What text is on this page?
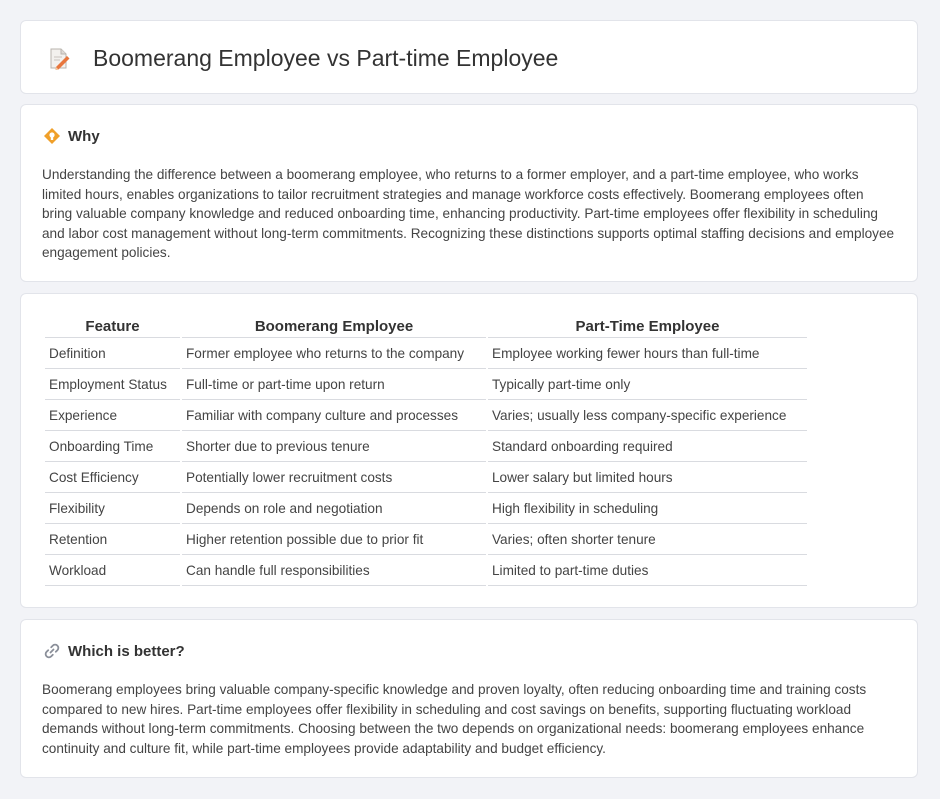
Boomerang Employee vs Part-time Employee
Why

Understanding the difference between a boomerang employee, who returns to a former employer, and a part-time employee, who works limited hours, enables organizations to tailor recruitment strategies and manage workforce costs effectively. Boomerang employees often bring valuable company knowledge and reduced onboarding time, enhancing productivity. Part-time employees offer flexibility in scheduling and labor cost management without long-term commitments. Recognizing these distinctions supports optimal staffing decisions and employee engagement policies.

Feature	Boomerang Employee	Part-Time Employee
Definition	Former employee who returns to the company	Employee working fewer hours than full-time
Employment Status	Full-time or part-time upon return	Typically part-time only
Experience	Familiar with company culture and processes	Varies; usually less company-specific experience
Onboarding Time	Shorter due to previous tenure	Standard onboarding required
Cost Efficiency	Potentially lower recruitment costs	Lower salary but limited hours
Flexibility	Depends on role and negotiation	High flexibility in scheduling
Retention	Higher retention possible due to prior fit	Varies; often shorter tenure
Workload	Can handle full responsibilities	Limited to part-time duties
Which is better?

Boomerang employees bring valuable company-specific knowledge and proven loyalty, often reducing onboarding time and training costs compared to new hires. Part-time employees offer flexibility in scheduling and cost savings on benefits, supporting fluctuating workload demands without long-term commitments. Choosing between the two depends on organizational needs: boomerang employees enhance continuity and culture fit, while part-time employees provide adaptability and budget efficiency.
